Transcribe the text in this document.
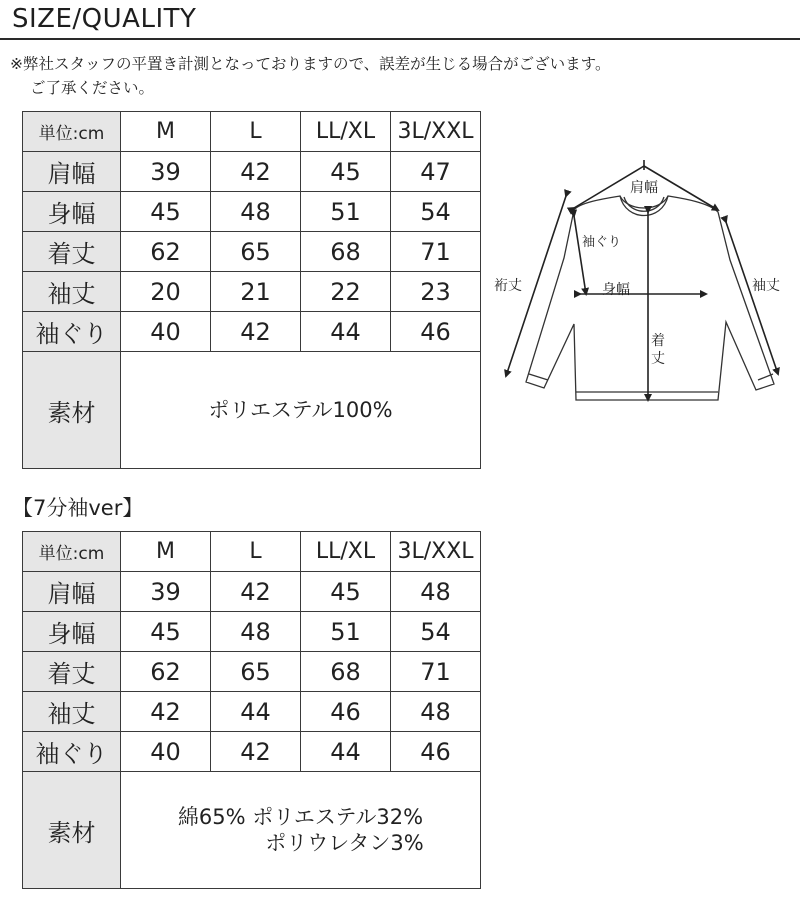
SIZE/QUALITY
※弊社スタッフの平置き計測となっておりますので、誤差が生じる場合がございます。
ご了承ください。
単位:cm	M	L	LL/XL	3L/XXL
肩幅	39	42	45	47
身幅	45	48	51	54
着丈	62	65	68	71
袖丈	20	21	22	23
袖ぐり	40	42	44	46
素材	ポリエステル100%			
肩幅
袖ぐり
身幅
着
丈
裄丈	袖丈
【7分袖ver】
単位:cm	M	L	LL/XL	3L/XXL
肩幅	39	42	45	48
身幅	45	48	51	54
着丈	62	65	68	71
袖丈	42	44	46	48
袖ぐり	40	42	44	46
素材	綿65% ポリエステル32%

ポリウレタン3%			
